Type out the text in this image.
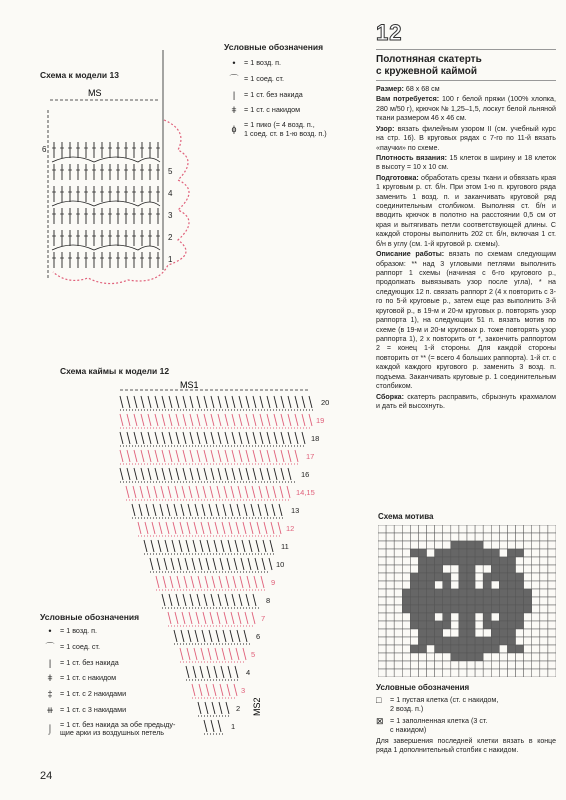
Схема к модели 13
MS
6
5
4
3
2
1
Условные обозначения
•	= 1 возд. п.
⌒ = 1 соед. ст.
|	= 1 ст. без накида
ǂ	= 1 ст. с накидом
ɸ	= 1 пико (= 4 возд. п.,
1 соед. ст. в 1-ю возд. п.)
Схема каймы к модели 12
MS1
20
19
18
17
16
14,15
13
12
11
10
9
8
7
6
5
4
3
2
1
MS2
Условные обозначения
•	= 1 возд. п.
⌒ = 1 соед. ст.
|	= 1 ст. без накида
ǂ	= 1 ст. с накидом
‡	= 1 ст. с 2 накидами
⧺ = 1 ст. с 3 накидами
⌡	= 1 ст. без накида за обе предыду-
щие арки из воздушных петель
24
12
Полотняная скатерть
с кружевной каймой

Размер: 68 x 68 см

Вам потребуется: 100 г белой пряжи (100% хлопка, 280 м/50 г), крючок № 1,25–1,5, лоскут белой льняной ткани размером 46 x 46 см.

Узор: вязать филейным узором II (см. учебный курс на стр. 16). В круговых рядах с 7-го по 11-й вязать «паучки» по схеме.

Плотность вязания: 15 клеток в ширину и 18 клеток в высоту = 10 x 10 см.

Подготовка: обработать срезы ткани и обвязать края 1 круговым р. ст. б/н. При этом 1-ю п. кругового ряда заменить 1 возд. п. и заканчивать круговой ряд соединительным столбиком. Выполняя ст. б/н и вводить крючок в полотно на расстоянии 0,5 см от края и вытягивать петли соответствующей длины. С каждой стороны выполнить 202 ст. б/н, включая 1 ст. б/н в углу (см. 1-й круговой р. схемы).

Описание работы: вязать по схемам следующим образом: ** над 3 угловыми петлями выполнить раппорт 1 схемы (начиная с 6-го кругового р., продолжать вывязывать узор после угла), * на следующих 12 п. связать раппорт 2 (4 x повторить с 3-го по 5-й круговые р., затем еще раз выполнить 3-й круговой р., в 19-м и 20-м круговых р. повторять узор раппорта 1), на следующих 51 п. вязать мотив по схеме (в 19-м и 20-м круговых р. тоже повторять узор раппорта 1), 2 x повторить от *, закончить раппортом 2 = конец 1-й стороны. Для каждой стороны повторить от ** (= всего 4 больших раппорта). 1-й ст. с каждой каждого кругового р. заменить 3 возд. п. подъема. Заканчивать круговые р. 1 соединительным столбиком.

Сборка: скатерть расправить, сбрызнуть крахмалом и дать ей высохнуть.

Схема мотива
Условные обозначения
□	= 1 пустая клетка (ст. с накидом,
2 возд. п.)
⊠ = 1 заполненная клетка (3 ст.
с накидом)
Для завершения последней клетки вязать в конце ряда 1 дополнительный столбик с накидом.
